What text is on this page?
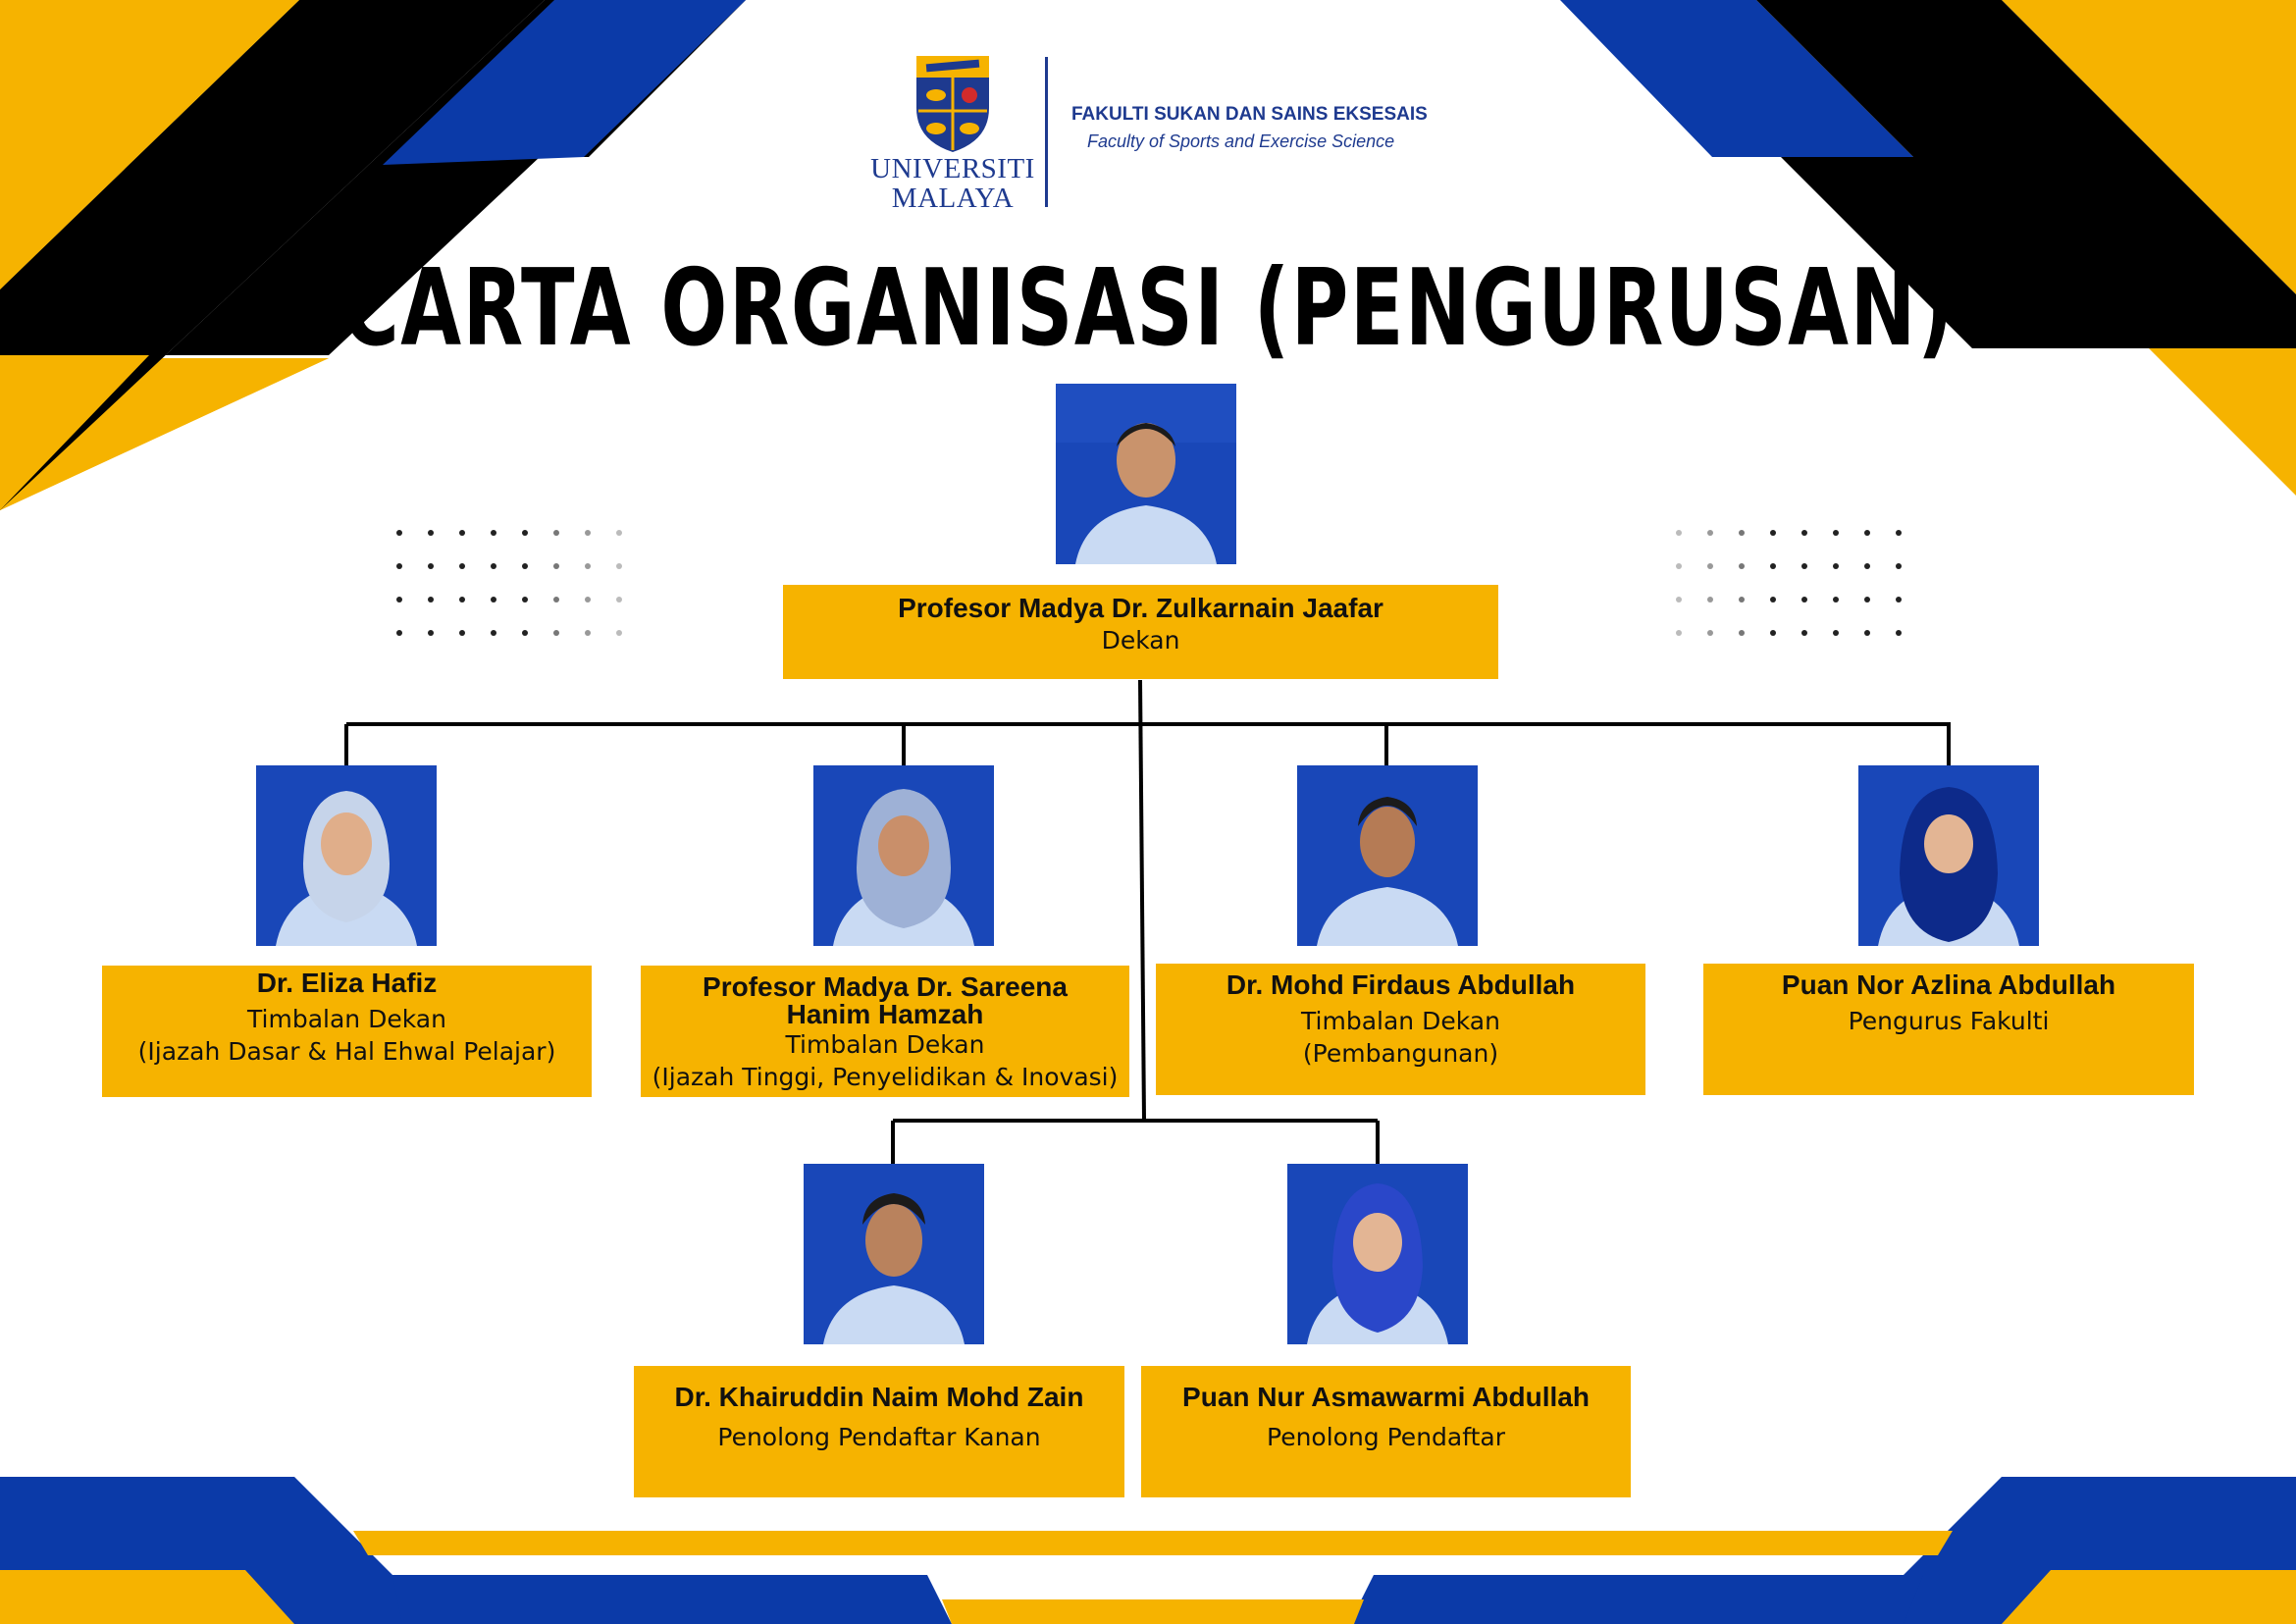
UNIVERSITI
MALAYA
FAKULTI SUKAN DAN SAINS EKSESAIS
Faculty of Sports and Exercise Science
CARTA ORGANISASI (PENGURUSAN)
Profesor Madya Dr. Zulkarnain Jaafar
Dekan
Dr. Eliza Hafiz
Timbalan Dekan
(Ijazah Dasar & Hal Ehwal Pelajar)
Profesor Madya Dr. Sareena
Hanim Hamzah
Timbalan Dekan
(Ijazah Tinggi, Penyelidikan & Inovasi)
Dr. Mohd Firdaus Abdullah
Timbalan Dekan
(Pembangunan)
Puan Nor Azlina Abdullah
Pengurus Fakulti
Dr. Khairuddin Naim Mohd Zain
Penolong Pendaftar Kanan
Puan Nur Asmawarmi Abdullah
Penolong Pendaftar
